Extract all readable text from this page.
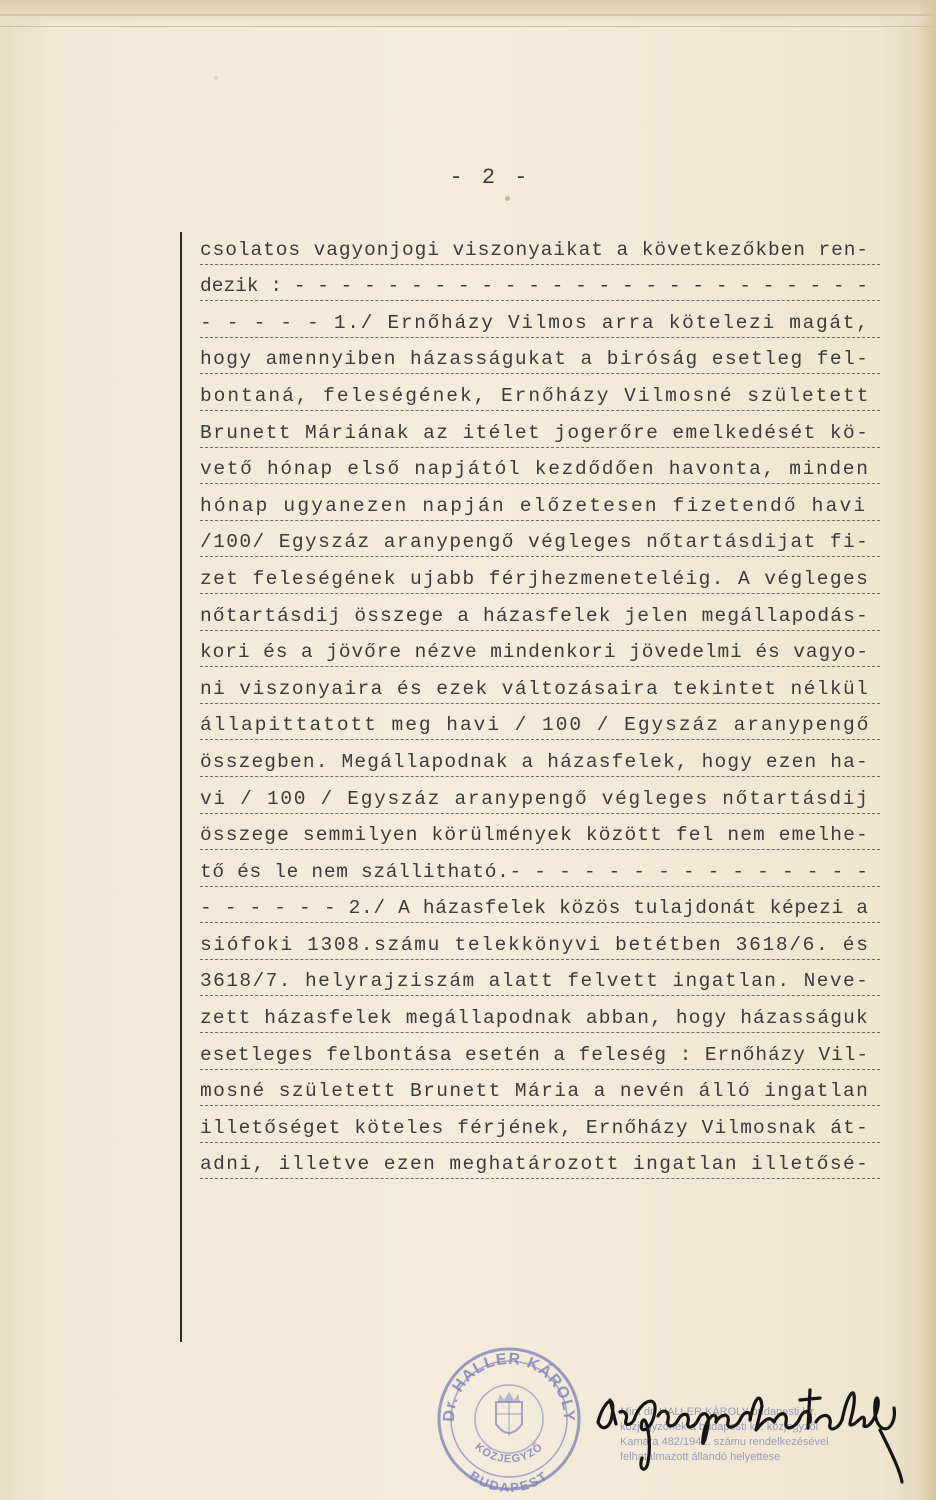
- 2 -
csolatos vagyonjogi viszonyaikat a következőkben ren-
dezik : - - - - - - - - - - - - - - - - - - - - - - - - -
- - - - - 1./ Ernőházy Vilmos arra kötelezi magát,
hogy amennyiben házasságukat a biróság esetleg fel-
bontaná, feleségének, Ernőházy Vilmosné született
Brunett Máriának az itélet jogerőre emelkedését kö-
vető hónap első napjától kezdődően havonta, minden
hónap ugyanezen napján előzetesen fizetendő havi
/100/ Egyszáz aranypengő végleges nőtartásdijat fi-
zet feleségének ujabb férjhezmeneteléig. A végleges
nőtartásdij összege a házasfelek jelen megállapodás-
kori és a jövőre nézve mindenkori jövedelmi és vagyo-
ni viszonyaira és ezek változásaira tekintet nélkül
állapittatott meg havi / 100 / Egyszáz aranypengő
összegben. Megállapodnak a házasfelek, hogy ezen ha-
vi / 100 / Egyszáz aranypengő végleges nőtartásdij
összege semmilyen körülmények között fel nem emelhe-
tő és le nem szállitható.- - - - - - - - - - - - - - -
- - - - - - 2./ A házasfelek közös tulajdonát képezi a
siófoki 1308.számu telekkönyvi betétben 3618/6. és
3618/7. helyrajziszám alatt felvett ingatlan. Neve-
zett házasfelek megállapodnak abban, hogy házasságuk
esetleges felbontása esetén a feleség : Ernőházy Vil-
mosné született Brunett Mária a nevén álló ingatlan
illetőséget köteles férjének, Ernőházy Vilmosnak át-
adni, illetve ezen meghatározott ingatlan illetősé-
Dr. HALLER KÁROLY
KÖZJEGYZŐ
BUDAPEST
Mint dr. HALLER KÁROLY budapesti kir.
közjegyzőnek a budapesti kir. közjegyzői
Kamara 482/1942. számu rendelkezésével
felhatalmazott állandó helyettese
Dr. Gyöngyösi Aristotelész
